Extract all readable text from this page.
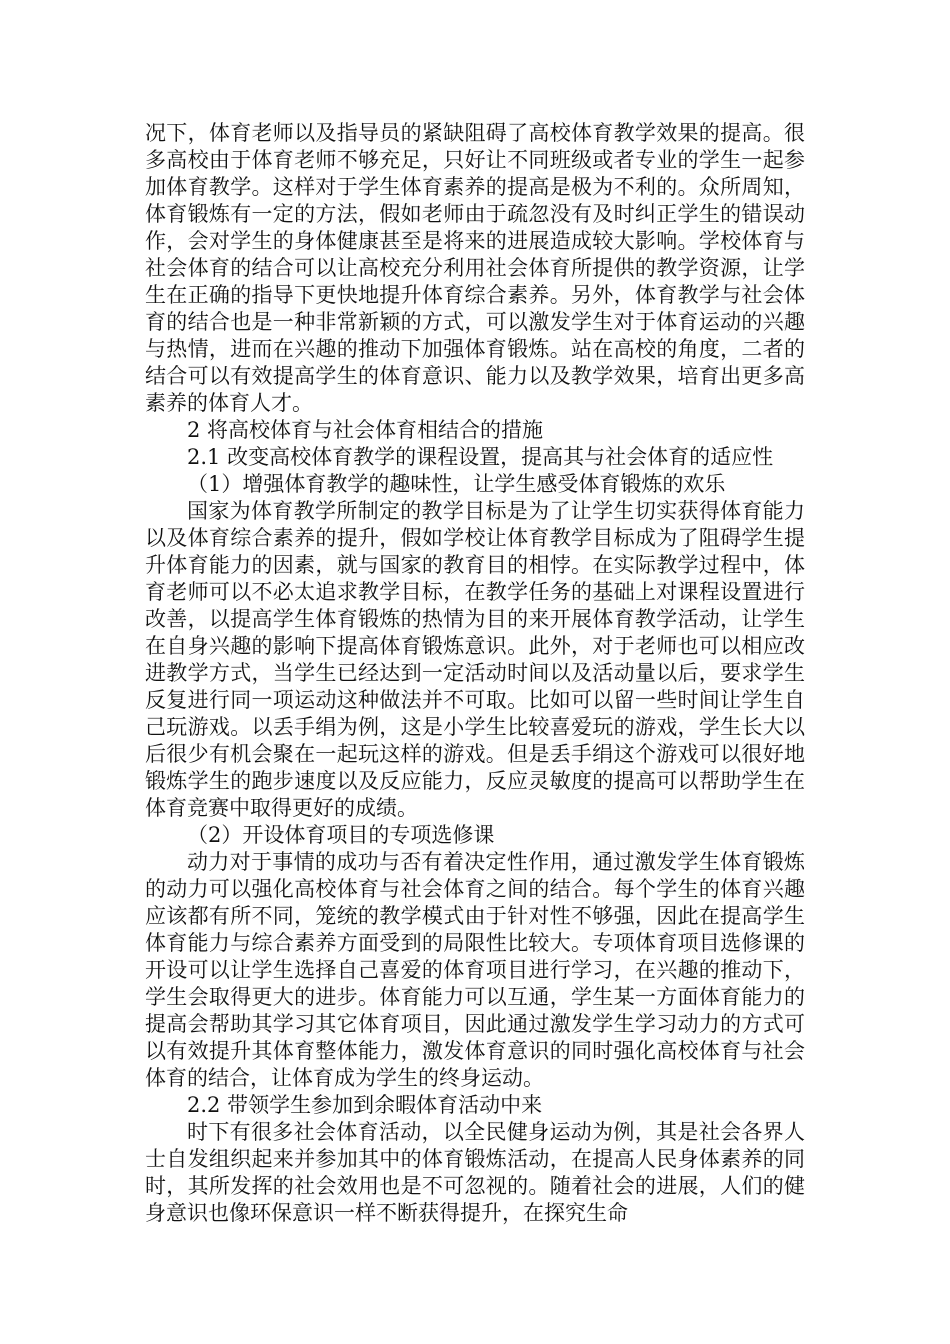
况下，体育老师以及指导员的紧缺阻碍了高校体育教学效果的提高。很多高校由于体育老师不够充足，只好让不同班级或者专业的学生一起参加体育教学。这样对于学生体育素养的提高是极为不利的。众所周知，体育锻炼有一定的方法，假如老师由于疏忽没有及时纠正学生的错误动作，会对学生的身体健康甚至是将来的进展造成较大影响。学校体育与社会体育的结合可以让高校充分利用社会体育所提供的教学资源，让学生在正确的指导下更快地提升体育综合素养。另外，体育教学与社会体育的结合也是一种非常新颖的方式，可以激发学生对于体育运动的兴趣与热情，进而在兴趣的推动下加强体育锻炼。站在高校的角度，二者的结合可以有效提高学生的体育意识、能力以及教学效果，培育出更多高素养的体育人才。

2 将高校体育与社会体育相结合的措施

2.1 改变高校体育教学的课程设置，提高其与社会体育的适应性

（1）增强体育教学的趣味性，让学生感受体育锻炼的欢乐

国家为体育教学所制定的教学目标是为了让学生切实获得体育能力以及体育综合素养的提升，假如学校让体育教学目标成为了阻碍学生提升体育能力的因素，就与国家的教育目的相悖。在实际教学过程中，体育老师可以不必太追求教学目标，在教学任务的基础上对课程设置进行改善，以提高学生体育锻炼的热情为目的来开展体育教学活动，让学生在自身兴趣的影响下提高体育锻炼意识。此外，对于老师也可以相应改进教学方式，当学生已经达到一定活动时间以及活动量以后，要求学生反复进行同一项运动这种做法并不可取。比如可以留一些时间让学生自己玩游戏。以丢手绢为例，这是小学生比较喜爱玩的游戏，学生长大以后很少有机会聚在一起玩这样的游戏。但是丢手绢这个游戏可以很好地锻炼学生的跑步速度以及反应能力，反应灵敏度的提高可以帮助学生在体育竞赛中取得更好的成绩。

（2）开设体育项目的专项选修课

动力对于事情的成功与否有着决定性作用，通过激发学生体育锻炼的动力可以强化高校体育与社会体育之间的结合。每个学生的体育兴趣应该都有所不同，笼统的教学模式由于针对性不够强，因此在提高学生体育能力与综合素养方面受到的局限性比较大。专项体育项目选修课的开设可以让学生选择自己喜爱的体育项目进行学习，在兴趣的推动下，学生会取得更大的进步。体育能力可以互通，学生某一方面体育能力的提高会帮助其学习其它体育项目，因此通过激发学生学习动力的方式可以有效提升其体育整体能力，激发体育意识的同时强化高校体育与社会体育的结合，让体育成为学生的终身运动。

2.2 带领学生参加到余暇体育活动中来

时下有很多社会体育活动，以全民健身运动为例，其是社会各界人士自发组织起来并参加其中的体育锻炼活动，在提高人民身体素养的同时，其所发挥的社会效用也是不可忽视的。随着社会的进展，人们的健身意识也像环保意识一样不断获得提升，在探究生命
